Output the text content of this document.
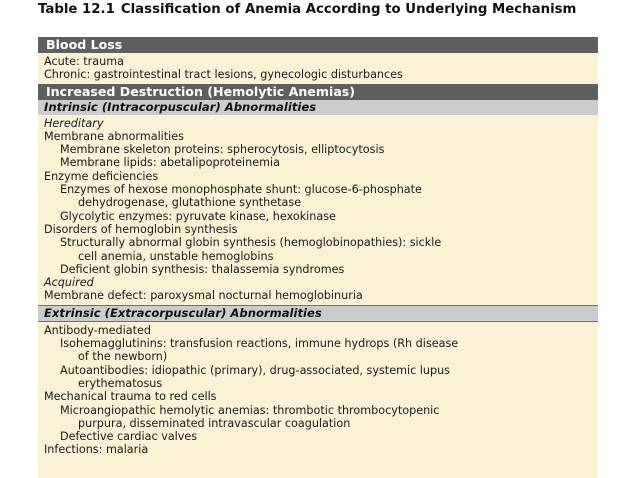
Table 12.1 Classification of Anemia According to Underlying Mechanism
Blood Loss
Acute: trauma
Chronic: gastrointestinal tract lesions, gynecologic disturbances
Increased Destruction (Hemolytic Anemias)
Intrinsic (Intracorpuscular) Abnormalities
Hereditary
Membrane abnormalities
Membrane skeleton proteins: spherocytosis, elliptocytosis
Membrane lipids: abetalipoproteinemia
Enzyme deficiencies
Enzymes of hexose monophosphate shunt: glucose-6-phosphate
dehydrogenase, glutathione synthetase
Glycolytic enzymes: pyruvate kinase, hexokinase
Disorders of hemoglobin synthesis
Structurally abnormal globin synthesis (hemoglobinopathies): sickle
cell anemia, unstable hemoglobins
Deficient globin synthesis: thalassemia syndromes
Acquired
Membrane defect: paroxysmal nocturnal hemoglobinuria
Extrinsic (Extracorpuscular) Abnormalities
Antibody-mediated
Isohemagglutinins: transfusion reactions, immune hydrops (Rh disease
of the newborn)
Autoantibodies: idiopathic (primary), drug-associated, systemic lupus
erythematosus
Mechanical trauma to red cells
Microangiopathic hemolytic anemias: thrombotic thrombocytopenic
purpura, disseminated intravascular coagulation
Defective cardiac valves
Infections: malaria
